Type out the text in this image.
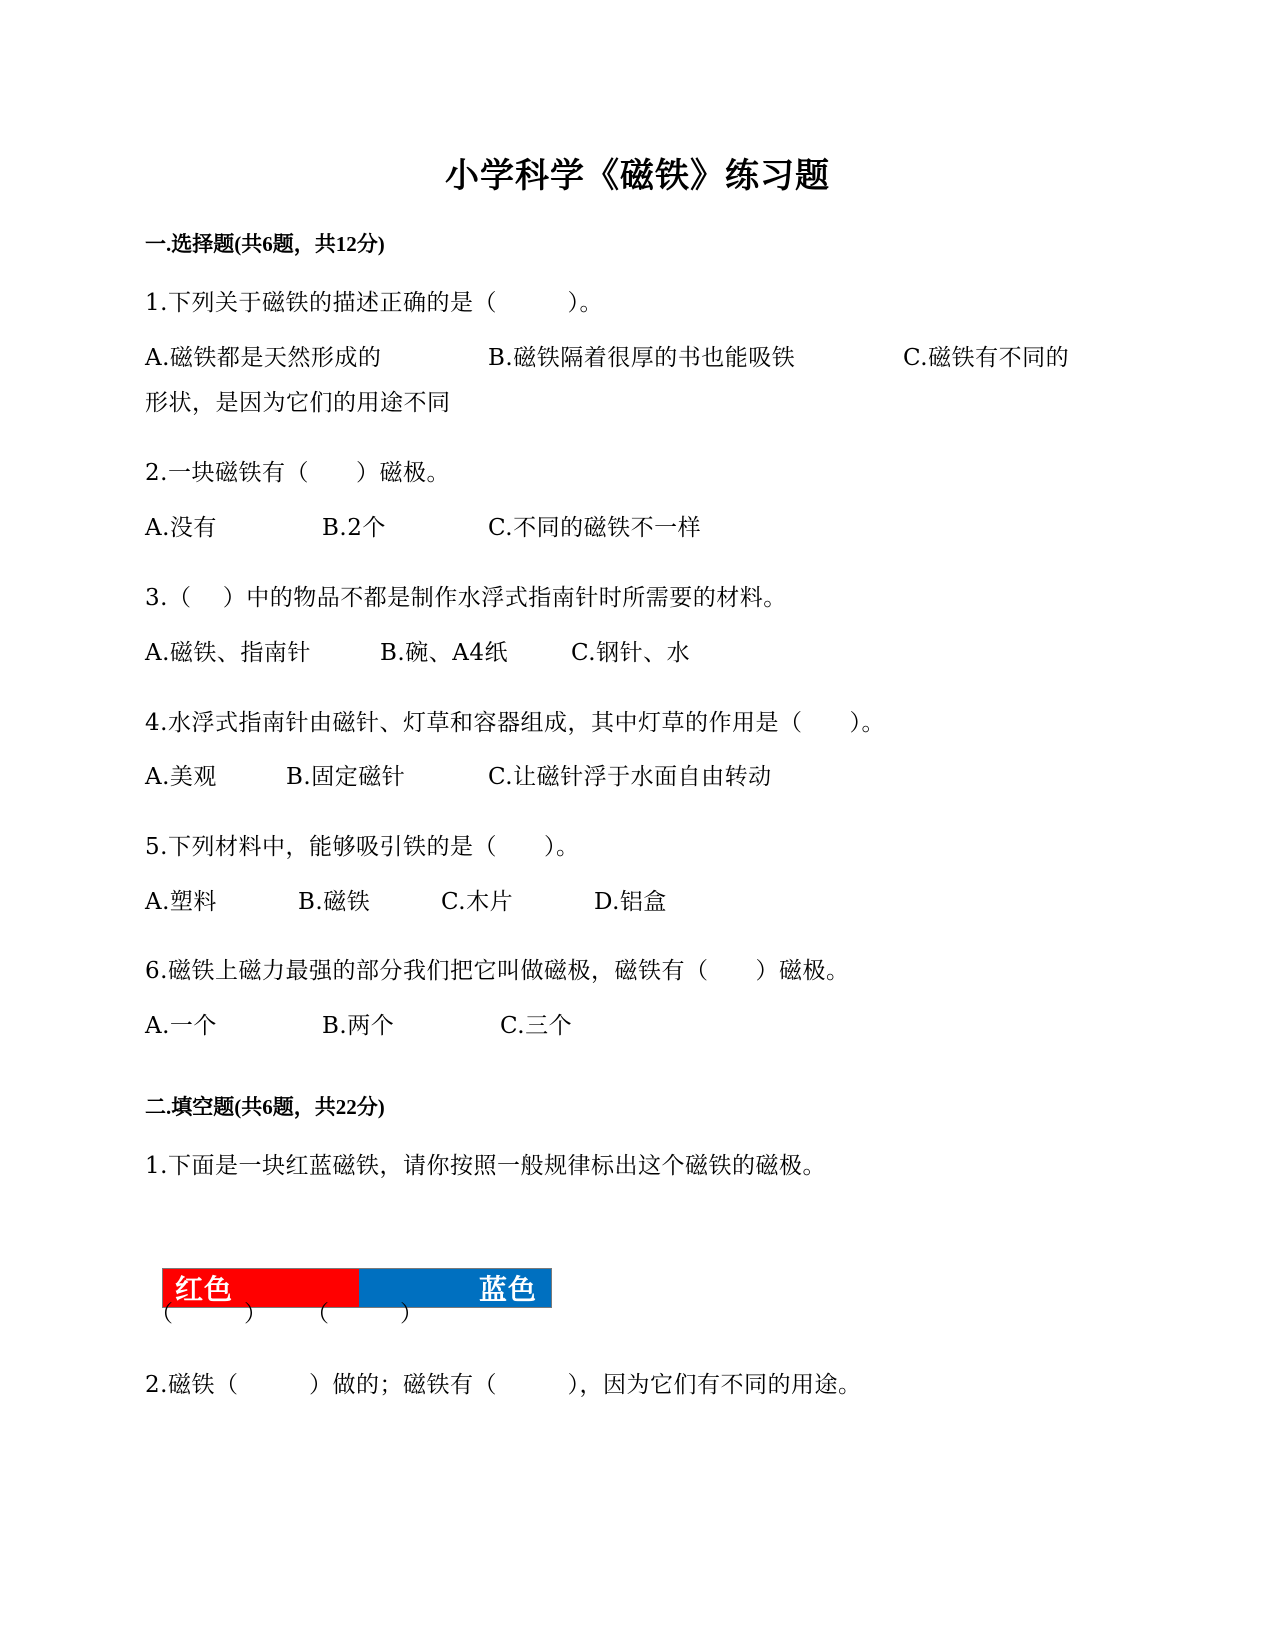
小学科学《磁铁》练习题
一.选择题(共6题，共12分)
1.下列关于磁铁的描述正确的是（　　　）。
A.磁铁都是天然形成的	B.磁铁隔着很厚的书也能吸铁	C.磁铁有不同的
形状，是因为它们的用途不同
2.一块磁铁有（　　）磁极。
A.没有	B.2个	C.不同的磁铁不一样
3.（　 ）中的物品不都是制作水浮式指南针时所需要的材料。
A.磁铁、指南针	B.碗、A4纸	C.钢针、水
4.水浮式指南针由磁针、灯草和容器组成，其中灯草的作用是（　　）。
A.美观	B.固定磁针	C.让磁针浮于水面自由转动
5.下列材料中，能够吸引铁的是（　　）。
A.塑料	B.磁铁	C.木片	D.铝盒
6.磁铁上磁力最强的部分我们把它叫做磁极，磁铁有（　　）磁极。
A.一个	B.两个	C.三个
二.填空题(共6题，共22分)
1.下面是一块红蓝磁铁，请你按照一般规律标出这个磁铁的磁极。
红色	蓝色
（　　　） （　　　）
2.磁铁（　　　）做的；磁铁有（　　　），因为它们有不同的用途。
